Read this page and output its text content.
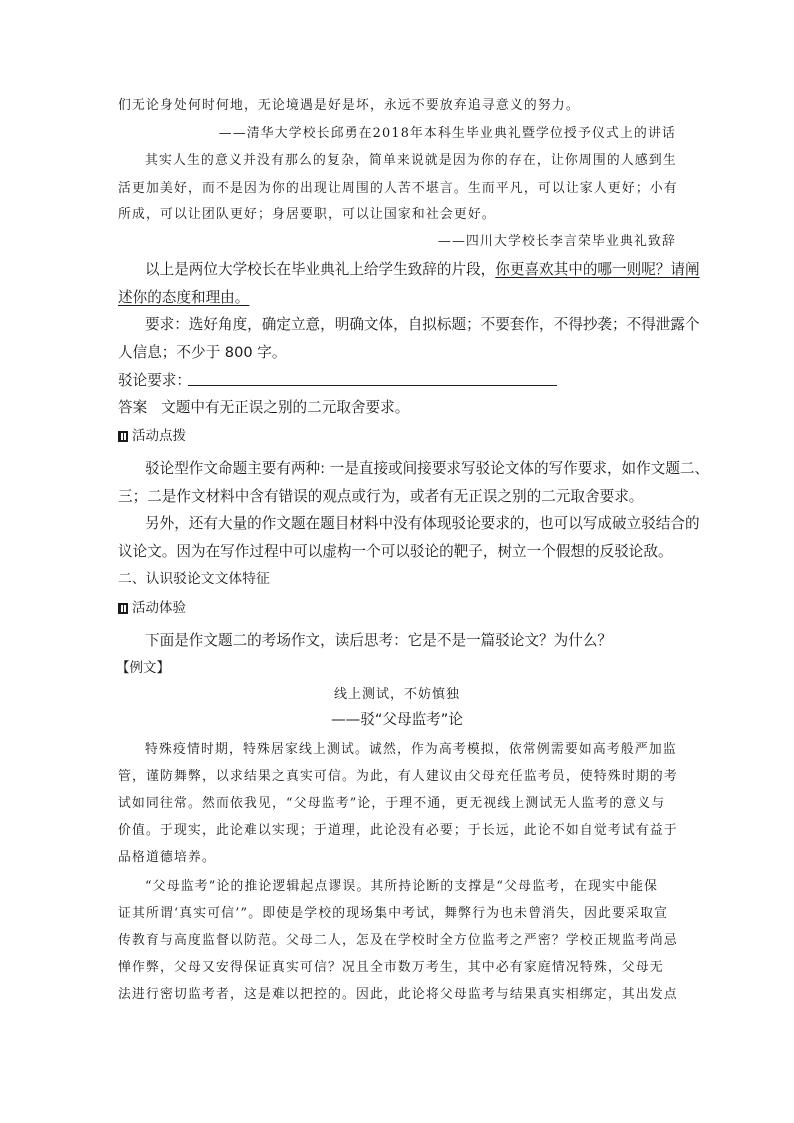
们无论身处何时何地，无论境遇是好是坏，永远不要放弃追寻意义的努力。
——清华大学校长邱勇在2018年本科生毕业典礼暨学位授予仪式上的讲话
其实人生的意义并没有那么的复杂，简单来说就是因为你的存在，让你周围的人感到生
活更加美好，而不是因为你的出现让周围的人苦不堪言。生而平凡，可以让家人更好；小有
所成，可以让团队更好；身居要职，可以让国家和社会更好。
——四川大学校长李言荣毕业典礼致辞
以上是两位大学校长在毕业典礼上给学生致辞的片段，你更喜欢其中的哪一则呢？请阐
述你的态度和理由。
要求：选好角度，确定立意，明确文体，自拟标题；不要套作，不得抄袭；不得泄露个
人信息；不少于 800 字。
驳论要求：
答案 文题中有无正误之别的二元取舍要求。
活动点拨
驳论型作文命题主要有两种: 一是直接或间接要求写驳论文体的写作要求，如作文题二、
三；二是作文材料中含有错误的观点或行为，或者有无正误之别的二元取舍要求。
另外，还有大量的作文题在题目材料中没有体现驳论要求的，也可以写成破立驳结合的
议论文。因为在写作过程中可以虚构一个可以驳论的靶子，树立一个假想的反驳论敌。
二、认识驳论文文体特征
活动体验
下面是作文题二的考场作文，读后思考：它是不是一篇驳论文？为什么？
【例文】
线上测试，不妨慎独
——驳“父母监考”论
特殊疫情时期，特殊居家线上测试。诚然，作为高考模拟，依常例需要如高考般严加监
管，谨防舞弊，以求结果之真实可信。为此，有人建议由父母充任监考员，使特殊时期的考
试如同往常。然而依我见，“父母监考”论，于理不通，更无视线上测试无人监考的意义与
价值。于现实，此论难以实现；于道理，此论没有必要；于长远，此论不如自觉考试有益于
品格道德培养。
“父母监考”论的推论逻辑起点谬误。其所持论断的支撑是“父母监考，在现实中能保
证其所谓‘真实可信’”。即使是学校的现场集中考试，舞弊行为也未曾消失，因此要采取宣
传教育与高度监督以防范。父母二人，怎及在学校时全方位监考之严密？学校正规监考尚忌
惮作弊，父母又安得保证真实可信？况且全市数万考生，其中必有家庭情况特殊，父母无
法进行密切监考者，这是难以把控的。因此，此论将父母监考与结果真实相绑定，其出发点
